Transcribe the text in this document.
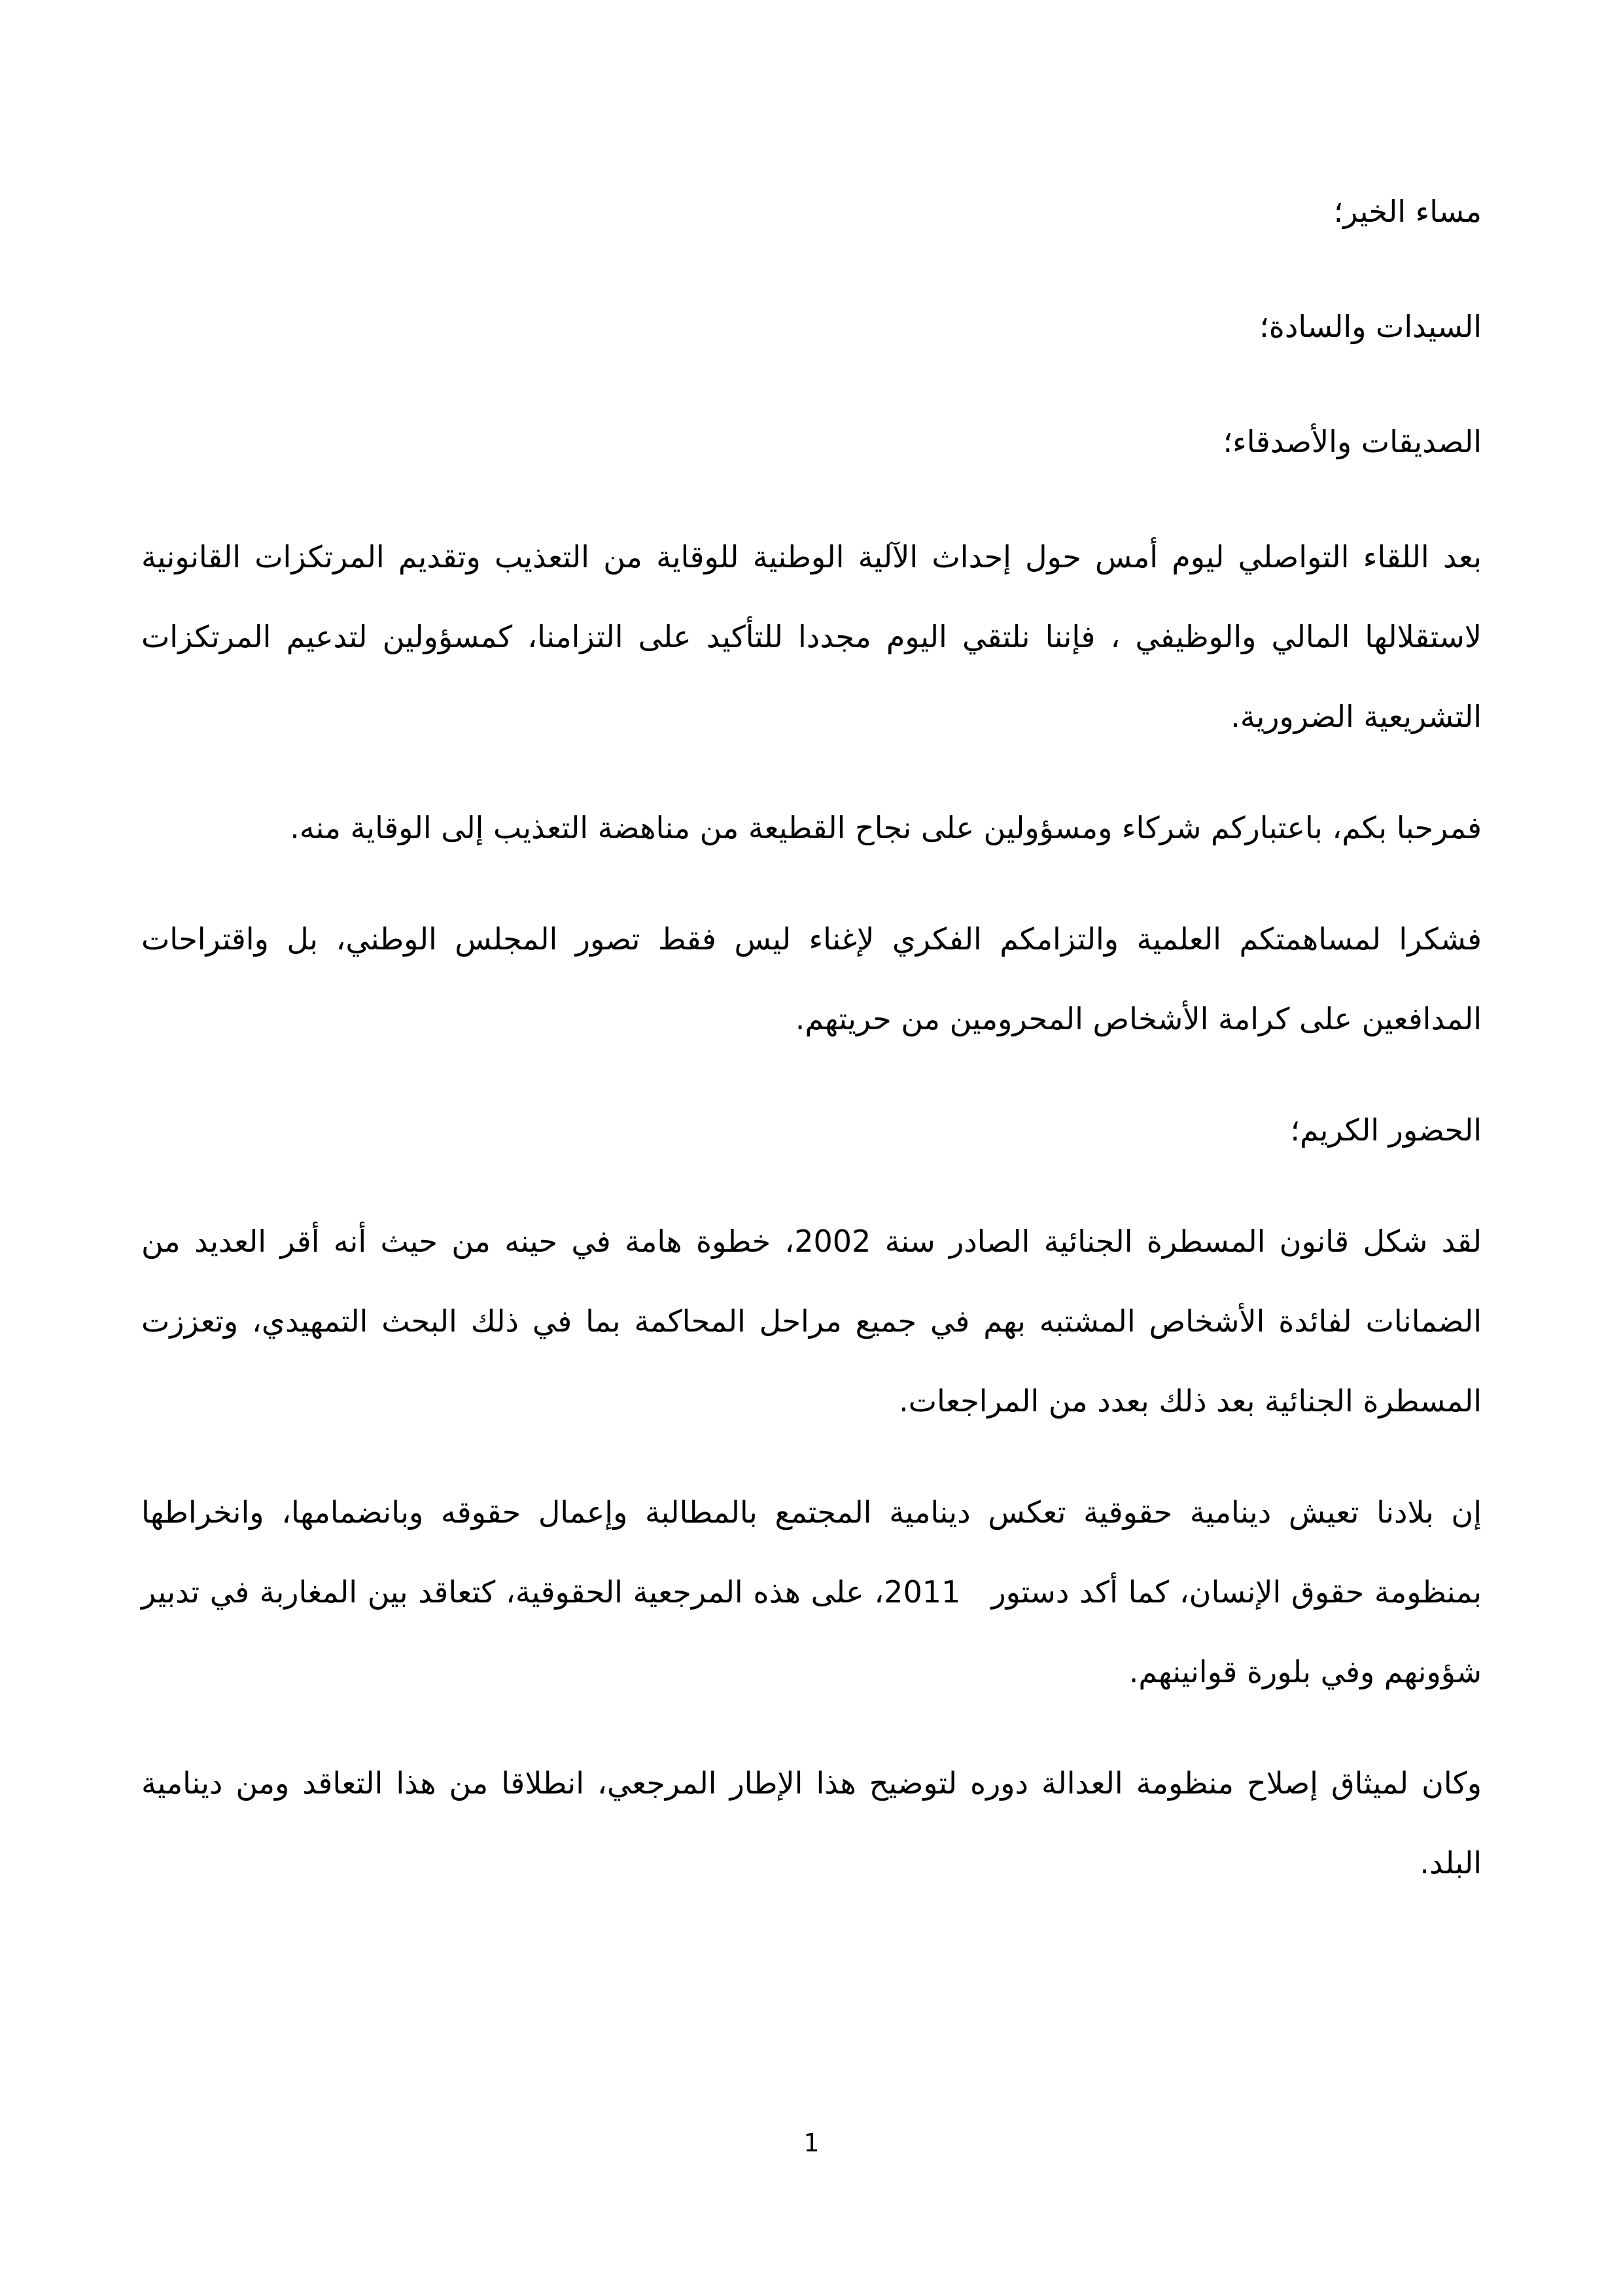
مساء الخير؛

السيدات والسادة؛

الصديقات والأصدقاء؛

بعد اللقاء التواصلي ليوم أمس حول إحداث الآلية الوطنية للوقاية من التعذيب وتقديم المرتكزات القانونية لاستقلالها المالي والوظيفي ، فإننا نلتقي اليوم مجددا للتأكيد على التزامنا، كمسؤولين لتدعيم المرتكزات التشريعية الضرورية.

فمرحبا بكم، باعتباركم شركاء ومسؤولين على نجاح القطيعة من مناهضة التعذيب إلى الوقاية منه.

فشكرا لمساهمتكم العلمية والتزامكم الفكري لإغناء ليس فقط تصور المجلس الوطني، بل واقتراحات المدافعين على كرامة الأشخاص المحرومين من حريتهم.

الحضور الكريم؛

لقد شكل قانون المسطرة الجنائية الصادر سنة 2002، خطوة هامة في حينه من حيث أنه أقر العديد من الضمانات لفائدة الأشخاص المشتبه بهم في جميع مراحل المحاكمة بما في ذلك البحث التمهيدي، وتعززت المسطرة الجنائية بعد ذلك بعدد من المراجعات.

إن بلادنا تعيش دينامية حقوقية تعكس دينامية المجتمع بالمطالبة وإعمال حقوقه وبانضمامها، وانخراطها بمنظومة حقوق الإنسان، كما أكد دستور   2011، على هذه المرجعية الحقوقية، كتعاقد بين المغاربة في تدبير شؤونهم وفي بلورة قوانينهم.

وكان لميثاق إصلاح منظومة العدالة دوره لتوضيح هذا الإطار المرجعي، انطلاقا من هذا التعاقد ومن دينامية البلد.

1
